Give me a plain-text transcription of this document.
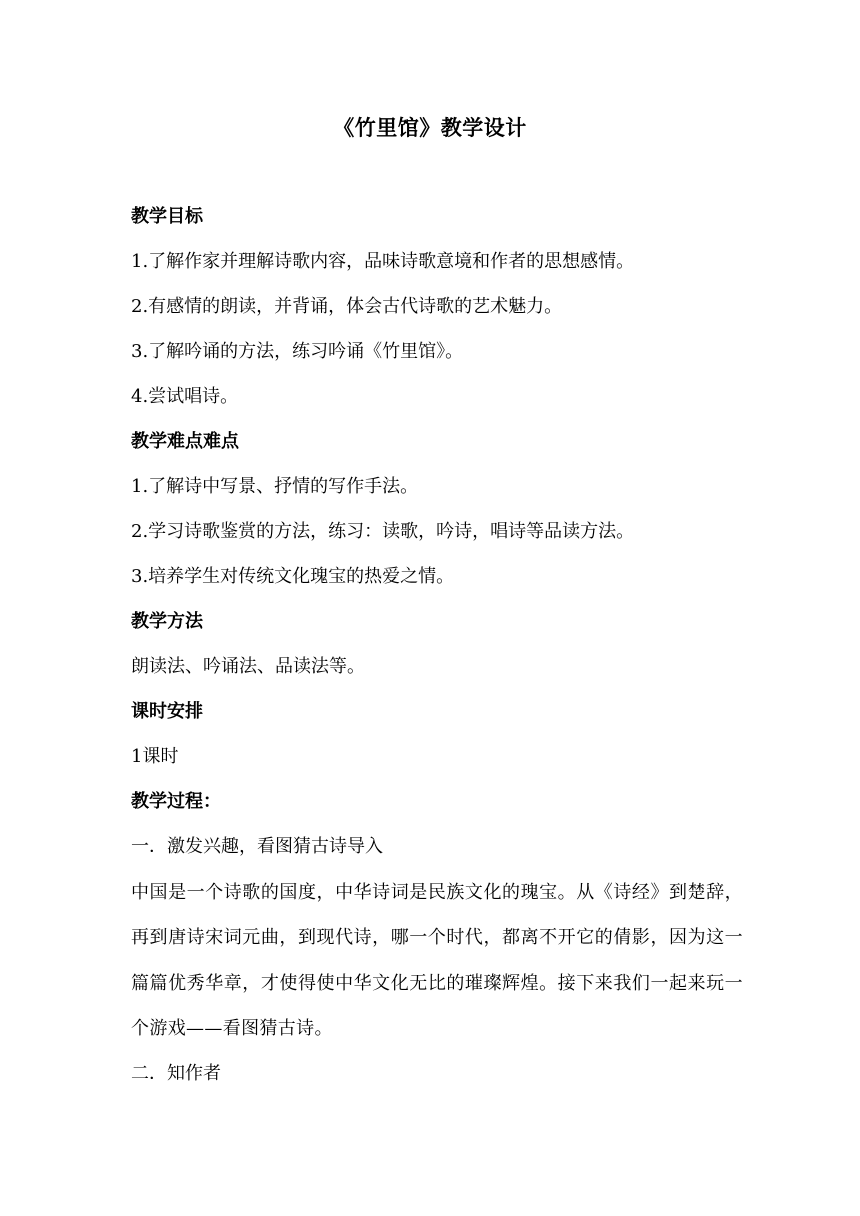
《竹里馆》教学设计
教学目标
1.了解作家并理解诗歌内容，品味诗歌意境和作者的思想感情。
2.有感情的朗读，并背诵，体会古代诗歌的艺术魅力。
3.了解吟诵的方法，练习吟诵《竹里馆》。
4.尝试唱诗。
教学难点难点
1.了解诗中写景、抒情的写作手法。
2.学习诗歌鉴赏的方法，练习：读歌，吟诗，唱诗等品读方法。
3.培养学生对传统文化瑰宝的热爱之情。
教学方法
朗读法、吟诵法、品读法等。
课时安排
1课时
教学过程：
一．激发兴趣，看图猜古诗导入
中国是一个诗歌的国度，中华诗词是民族文化的瑰宝。从《诗经》到楚辞，再到唐诗宋词元曲，到现代诗，哪一个时代，都离不开它的倩影，因为这一篇篇优秀华章，才使得使中华文化无比的璀璨辉煌。接下来我们一起来玩一个游戏——看图猜古诗。
二．知作者
